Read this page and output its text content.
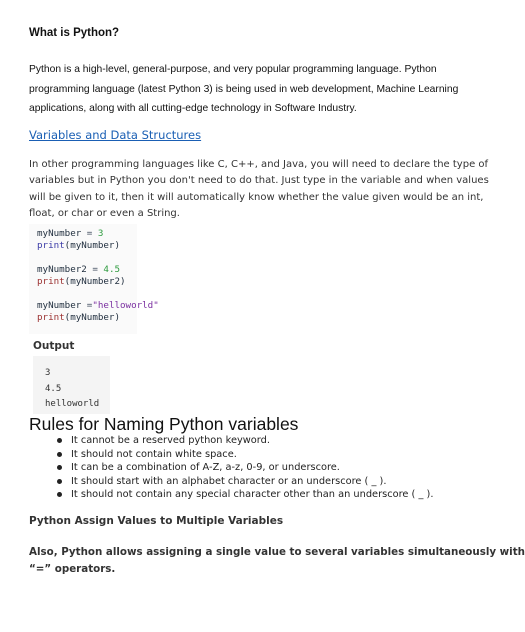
What is Python?
Python is a high-level, general-purpose, and very popular programming language. Python
programming language (latest Python 3) is being used in web development, Machine Learning
applications, along with all cutting-edge technology in Software Industry.
Variables and Data Structures
In other programming languages like C, C++, and Java, you will need to declare the type of
variables but in Python you don't need to do that. Just type in the variable and when values
will be given to it, then it will automatically know whether the value given would be an int,
float, or char or even a String.
myNumber = 3
print(myNumber)
myNumber2 = 4.5
print(myNumber2)
myNumber ="helloworld"
print(myNumber)
Output
3
4.5
helloworld
Rules for Naming Python variables
It cannot be a reserved python keyword.
It should not contain white space.
It can be a combination of A-Z, a-z, 0-9, or underscore.
It should start with an alphabet character or an underscore ( _ ).
It should not contain any special character other than an underscore ( _ ).
Python Assign Values to Multiple Variables
Also, Python allows assigning a single value to several variables simultaneously with
“=” operators.
